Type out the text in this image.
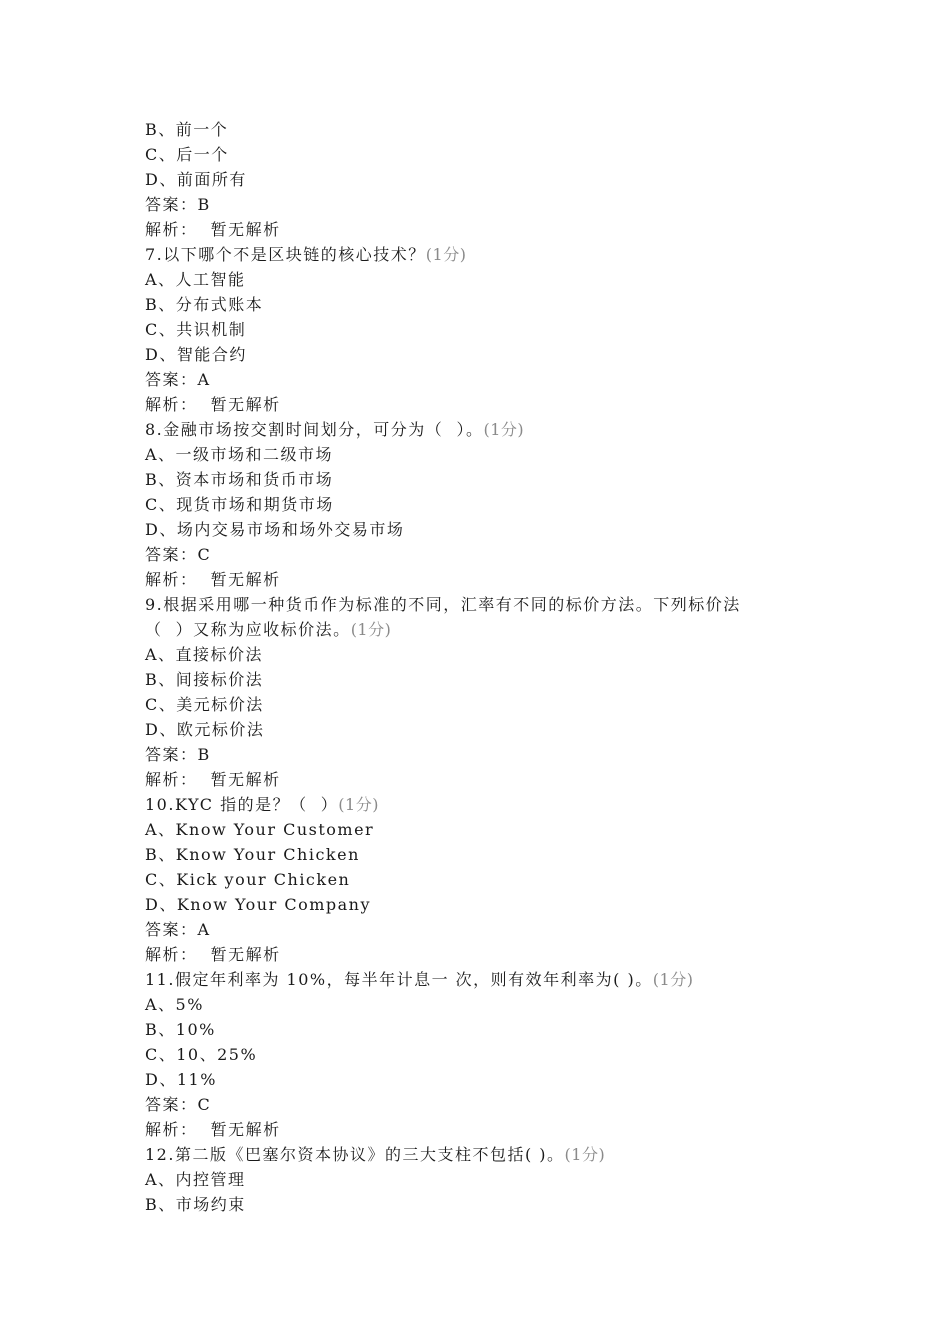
B、前一个
C、后一个
D、前面所有
答案：B
解析：  暂无解析
7.以下哪个不是区块链的核心技术？(1分)
A、人工智能
B、分布式账本
C、共识机制
D、智能合约
答案：A
解析：  暂无解析
8.金融市场按交割时间划分，可分为（  ）。(1分)
A、一级市场和二级市场
B、资本市场和货币市场
C、现货市场和期货市场
D、场内交易市场和场外交易市场
答案：C
解析：  暂无解析
9.根据采用哪一种货币作为标准的不同，汇率有不同的标价方法。下列标价法
（  ）又称为应收标价法。(1分)
A、直接标价法
B、间接标价法
C、美元标价法
D、欧元标价法
答案：B
解析：  暂无解析
10.KYC 指的是？（  ）(1分)
A、Know Your Customer
B、Know Your Chicken
C、Kick your Chicken
D、Know Your Company
答案：A
解析：  暂无解析
11.假定年利率为 10%，每半年计息一 次，则有效年利率为( )。(1分)
A、5%
B、10%
C、10、25%
D、11%
答案：C
解析：  暂无解析
12.第二版《巴塞尔资本协议》的三大支柱不包括( )。(1分)
A、内控管理
B、市场约束
